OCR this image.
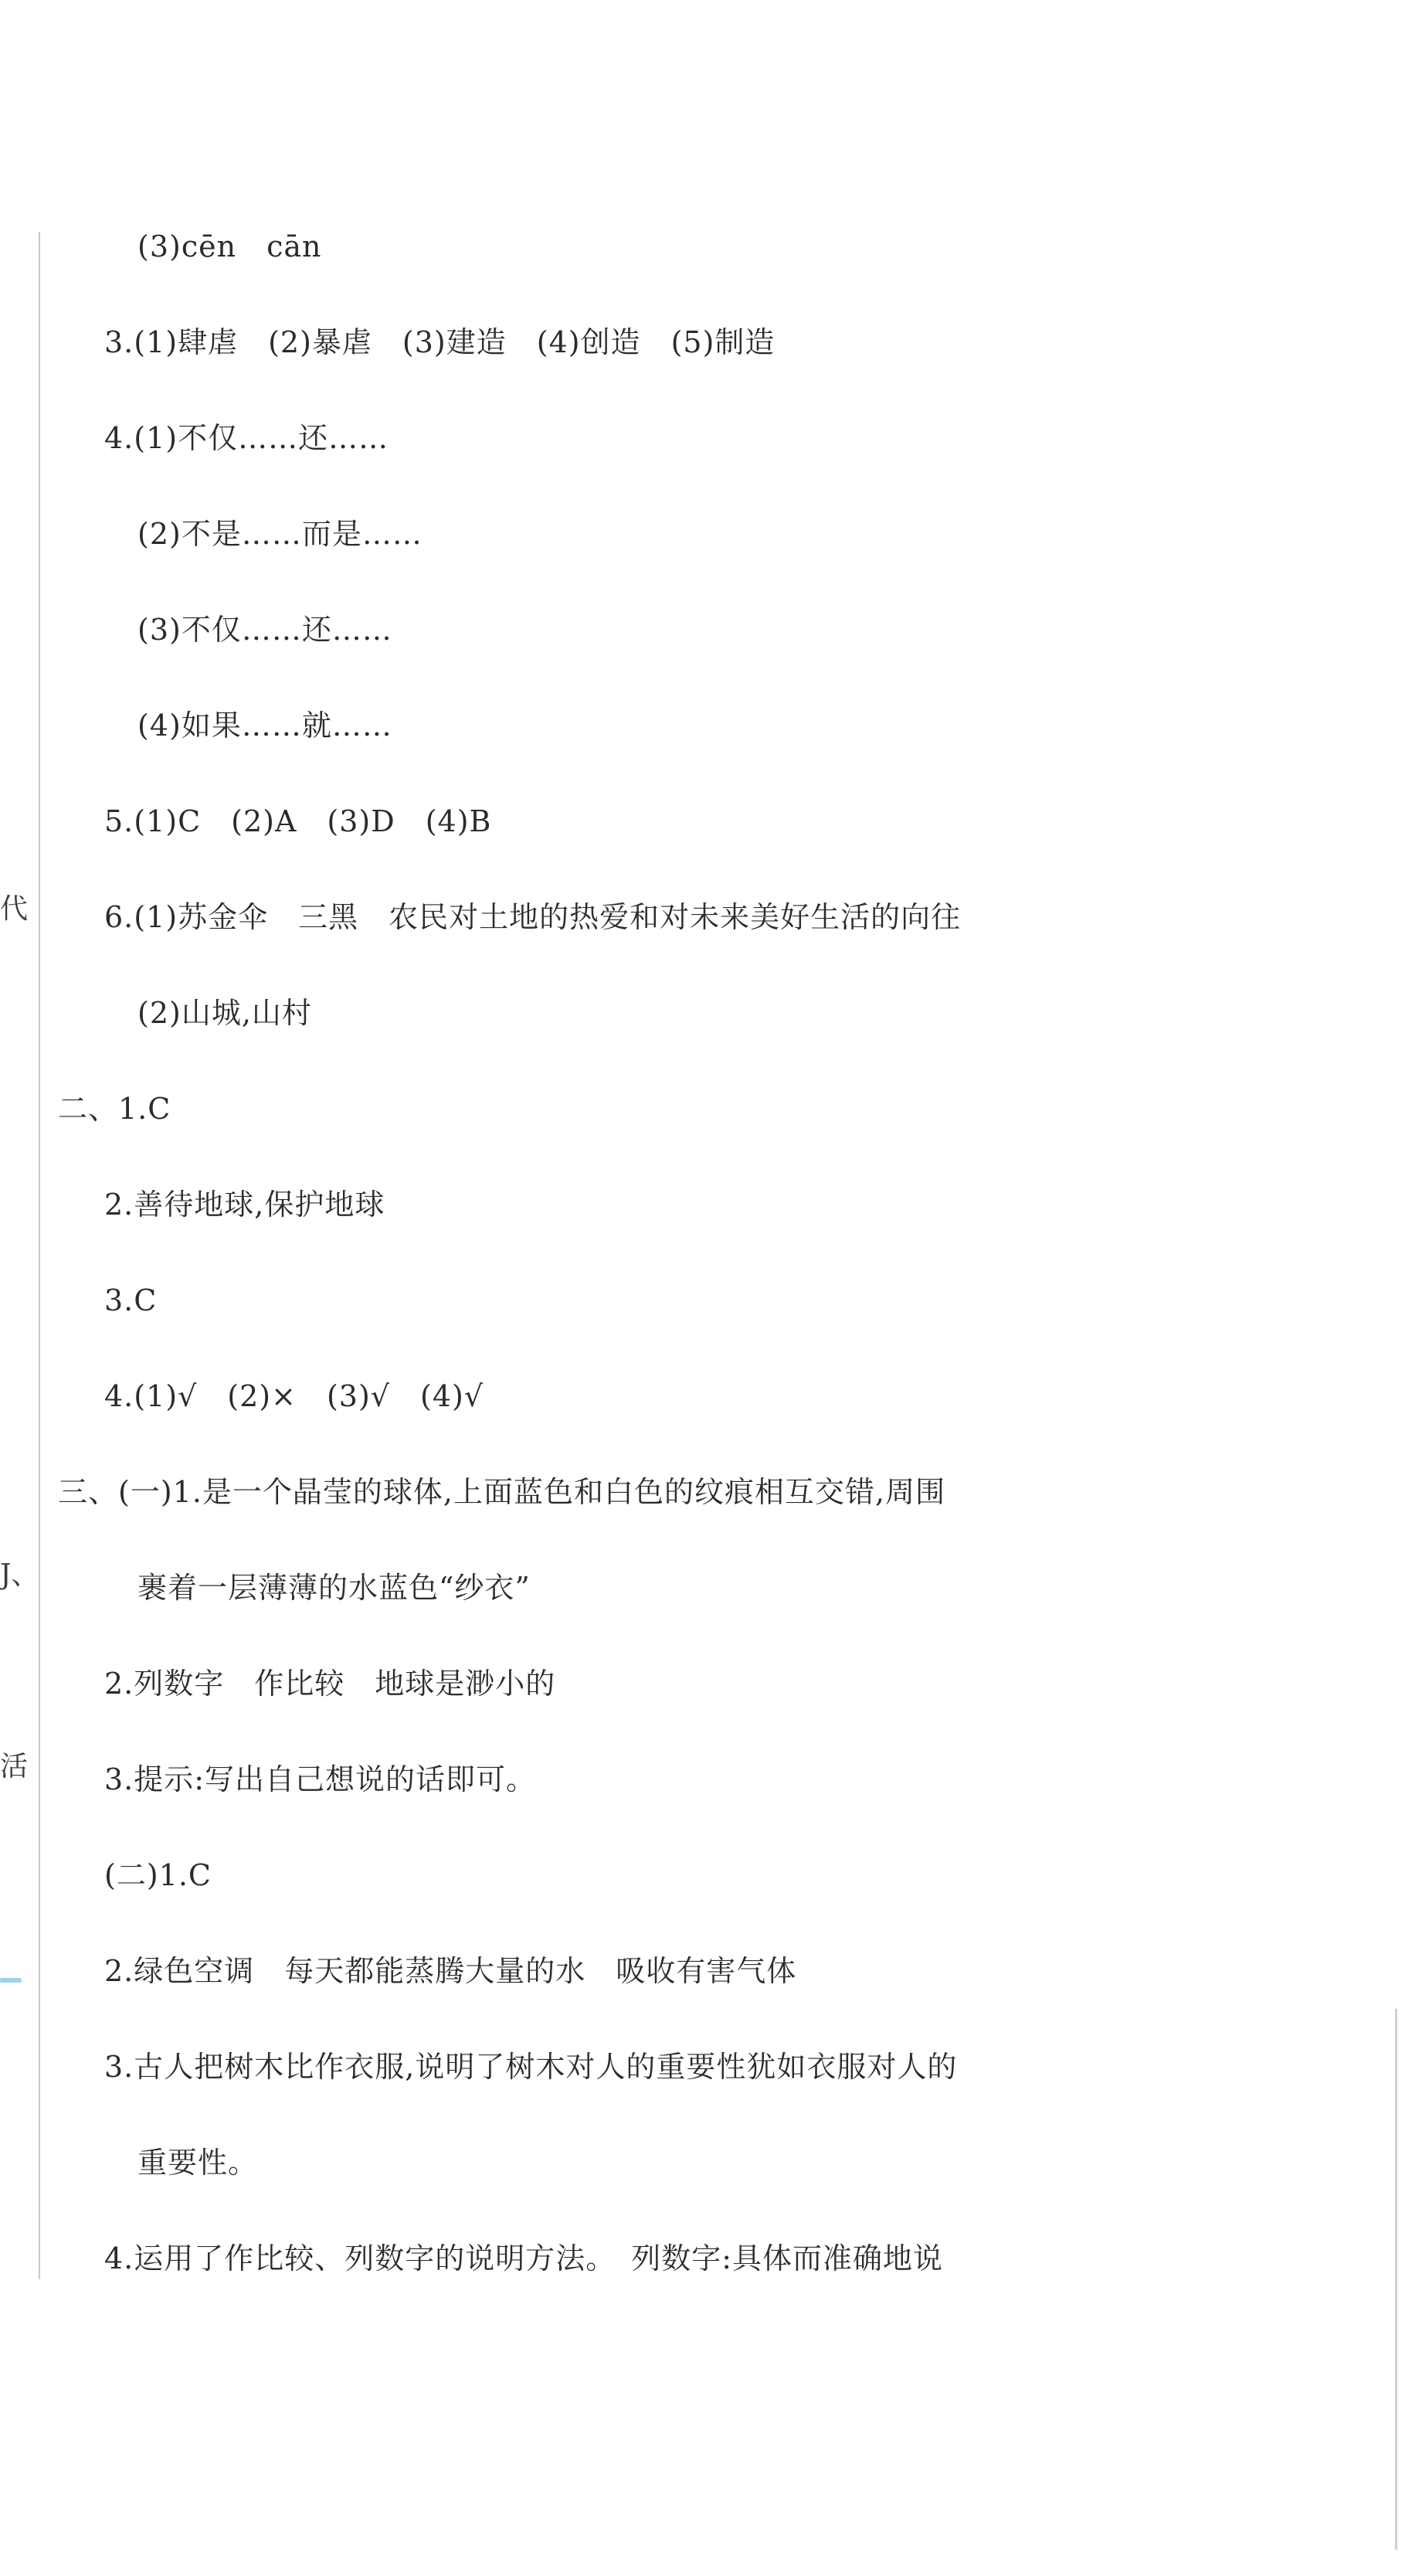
代
J、
活
(3)cēn　cān
3.(1)肆虐　(2)暴虐　(3)建造　(4)创造　(5)制造
4.(1)不仅……还……
(2)不是……而是……
(3)不仅……还……
(4)如果……就……
5.(1)C　(2)A　(3)D　(4)B
6.(1)苏金伞　三黑　农民对土地的热爱和对未来美好生活的向往
(2)山城,山村
二、1.C
2.善待地球,保护地球
3.C
4.(1)√　(2)×　(3)√　(4)√
三、(一)1.是一个晶莹的球体,上面蓝色和白色的纹痕相互交错,周围
裹着一层薄薄的水蓝色“纱衣”
2.列数字　作比较　地球是渺小的
3.提示:写出自己想说的话即可。
(二)1.C
2.绿色空调　每天都能蒸腾大量的水　吸收有害气体
3.古人把树木比作衣服,说明了树木对人的重要性犹如衣服对人的
重要性。
4.运用了作比较、列数字的说明方法。　列数字:具体而准确地说
